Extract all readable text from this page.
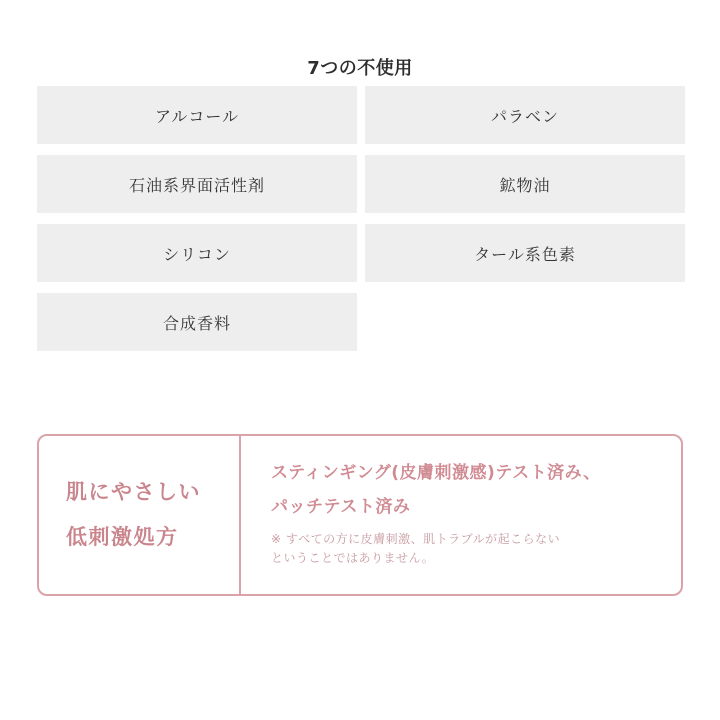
7つの不使用
アルコール	パラベン
石油系界面活性剤	鉱物油
シリコン	タール系色素
合成香料
肌にやさしい
低刺激処方
スティンギング(皮膚刺激感)テスト済み、
パッチテスト済み
※ すべての方に皮膚刺激、肌トラブルが起こらない
ということではありません。
